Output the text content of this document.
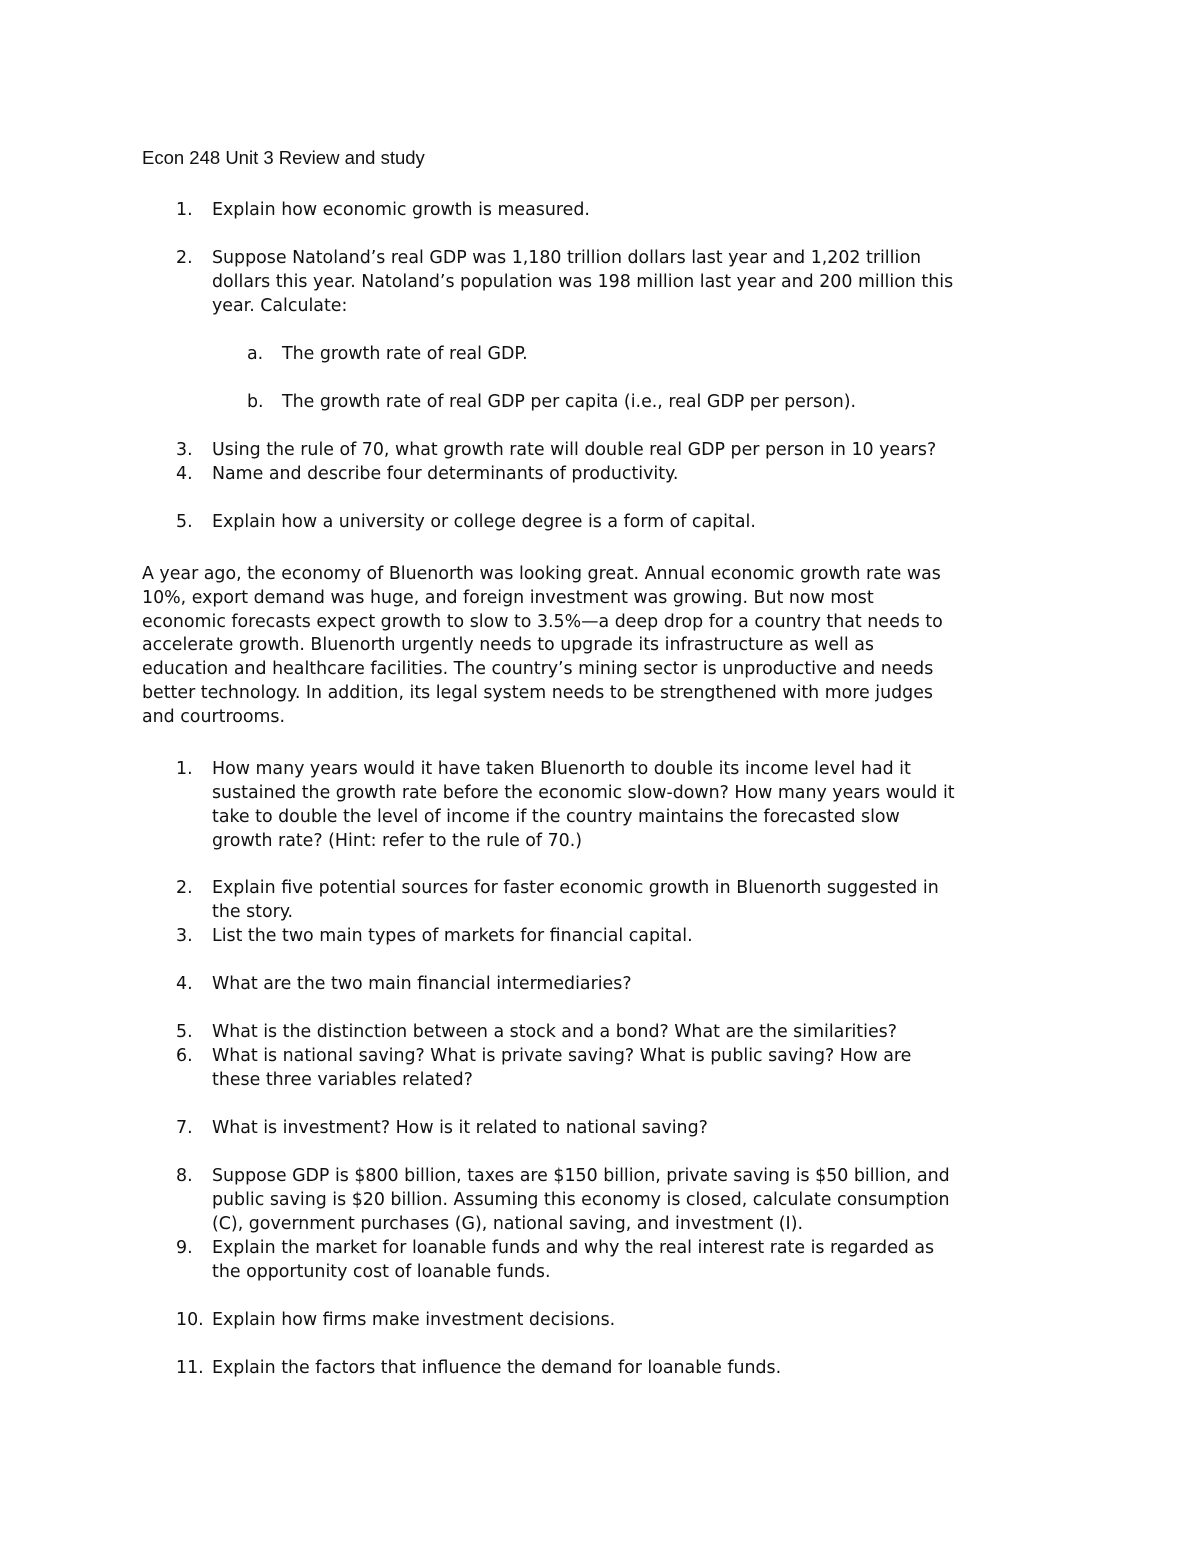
Econ 248 Unit 3 Review and study
1.	Explain how economic growth is measured.
2.	Suppose Natoland’s real GDP was 1,180 trillion dollars last year and 1,202 trillion
dollars this year. Natoland’s population was 198 million last year and 200 million this
year. Calculate:
a.	The growth rate of real GDP.
b.	The growth rate of real GDP per capita (i.e., real GDP per person).
3.	Using the rule of 70, what growth rate will double real GDP per person in 10 years?
4.	Name and describe four determinants of productivity.
5.	Explain how a university or college degree is a form of capital.
A year ago, the economy of Bluenorth was looking great. Annual economic growth rate was
10%, export demand was huge, and foreign investment was growing. But now most
economic forecasts expect growth to slow to 3.5%—a deep drop for a country that needs to
accelerate growth. Bluenorth urgently needs to upgrade its infrastructure as well as
education and healthcare facilities. The country’s mining sector is unproductive and needs
better technology. In addition, its legal system needs to be strengthened with more judges
and courtrooms.
1.	How many years would it have taken Bluenorth to double its income level had it
sustained the growth rate before the economic slow-down? How many years would it
take to double the level of income if the country maintains the forecasted slow
growth rate? (Hint: refer to the rule of 70.)
2.	Explain five potential sources for faster economic growth in Bluenorth suggested in
the story.
3.	List the two main types of markets for financial capital.
4.	What are the two main financial intermediaries?
5.	What is the distinction between a stock and a bond? What are the similarities?
6.	What is national saving? What is private saving? What is public saving? How are
these three variables related?
7.	What is investment? How is it related to national saving?
8.	Suppose GDP is $800 billion, taxes are $150 billion, private saving is $50 billion, and
public saving is $20 billion. Assuming this economy is closed, calculate consumption
(C), government purchases (G), national saving, and investment (I).
9.	Explain the market for loanable funds and why the real interest rate is regarded as
the opportunity cost of loanable funds.
10. Explain how firms make investment decisions.
11. Explain the factors that influence the demand for loanable funds.
